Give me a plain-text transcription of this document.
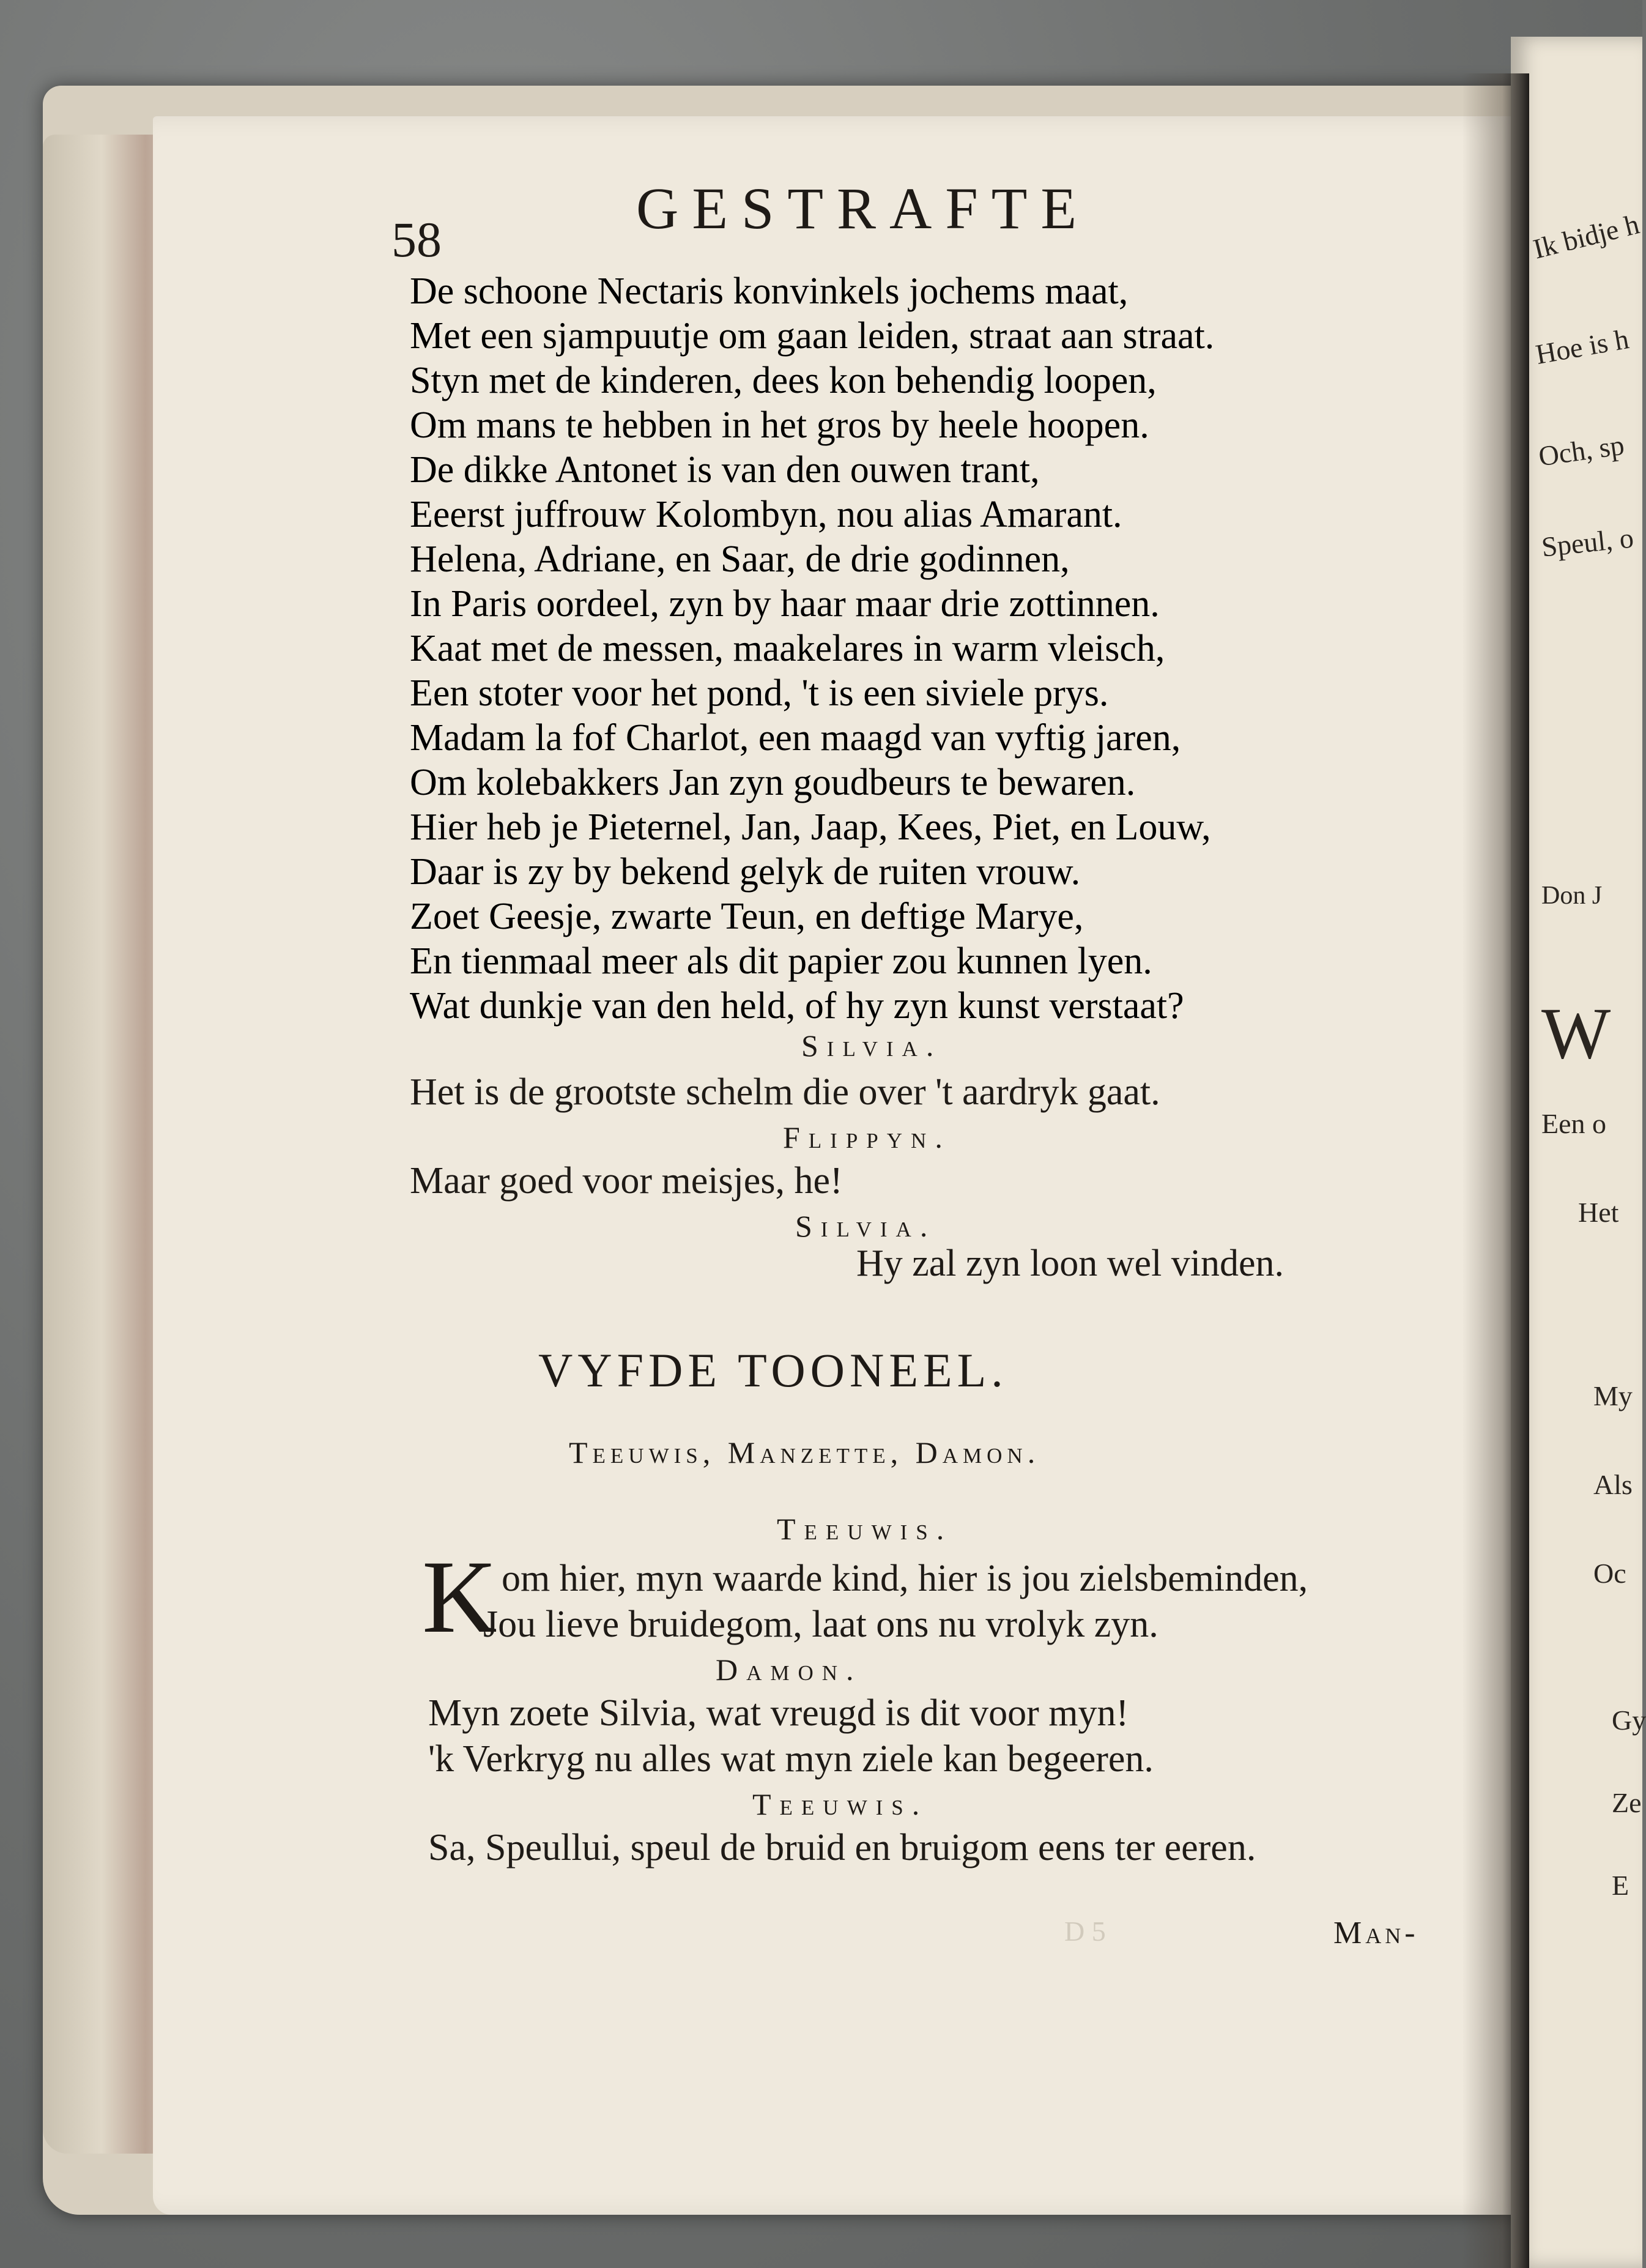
Ik bidje h
Hoe is h
Och, sp
Speul, o
Don J
W
Een o
Het
My
Als
Oc
Gy
Ze
E
58	GESTRAFTE
De schoone Nectaris konvinkels jochems maat,
Met een sjampuutje om gaan leiden, straat aan straat.
Styn met de kinderen, dees kon behendig loopen,
Om mans te hebben in het gros by heele hoopen.
De dikke Antonet is van den ouwen trant,
Eeerst juffrouw Kolombyn, nou alias Amarant.
Helena, Adriane, en Saar, de drie godinnen,
In Paris oordeel, zyn by haar maar drie zottinnen.
Kaat met de messen, maakelares in warm vleisch,
Een stoter voor het pond, 't is een siviele prys.
Madam la fof Charlot, een maagd van vyftig jaren,
Om kolebakkers Jan zyn goudbeurs te bewaren.
Hier heb je Pieternel, Jan, Jaap, Kees, Piet, en Louw,
Daar is zy by bekend gelyk de ruiten vrouw.
Zoet Geesje, zwarte Teun, en deftige Marye,
En tienmaal meer als dit papier zou kunnen lyen.
Wat dunkje van den held, of hy zyn kunst verstaat?
Silvia.
Het is de grootste schelm die over 't aardryk gaat.
Flippyn.
Maar goed voor meisjes, he!
Silvia.
Hy zal zyn loon wel vinden.
VYFDE TOONEEL.
Teeuwis, Manzette, Damon.
Teeuwis.
K om hier, myn waarde kind, hier is jou zielsbeminden,
Jou lieve bruidegom, laat ons nu vrolyk zyn.
Damon.
Myn zoete Silvia, wat vreugd is dit voor myn!
'k Verkryg nu alles wat myn ziele kan begeeren.
Teeuwis.
Sa, Speullui, speul de bruid en bruigom eens ter eeren.
D 5	Man-
